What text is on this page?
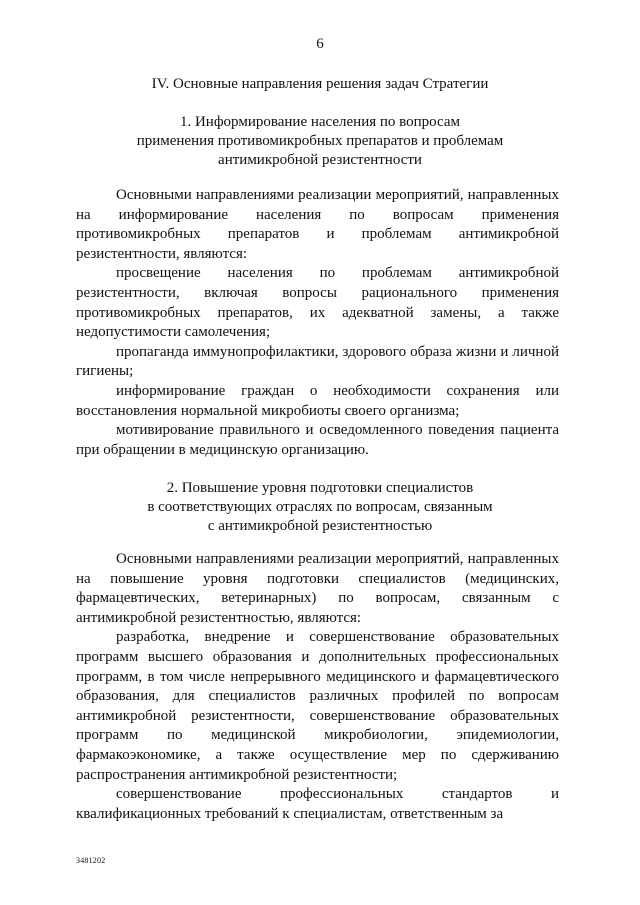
6
IV. Основные направления решения задач Стратегии
1. Информирование населения по вопросам
применения противомикробных препаратов и проблемам
антимикробной резистентности

Основными направлениями реализации мероприятий, направленных на информирование населения по вопросам применения противомикробных препаратов и проблемам антимикробной резистентности, являются:

просвещение населения по проблемам антимикробной резистентности, включая вопросы рационального применения противомикробных препаратов, их адекватной замены, а также недопустимости самолечения;

пропаганда иммунопрофилактики, здорового образа жизни и личной гигиены;

информирование граждан о необходимости сохранения или восстановления нормальной микробиоты своего организма;

мотивирование правильного и осведомленного поведения пациента при обращении в медицинскую организацию.

2. Повышение уровня подготовки специалистов
в соответствующих отраслях по вопросам, связанным
с антимикробной резистентностью

Основными направлениями реализации мероприятий, направленных на повышение уровня подготовки специалистов (медицинских, фармацевтических, ветеринарных) по вопросам, связанным с антимикробной резистентностью, являются:

разработка, внедрение и совершенствование образовательных программ высшего образования и дополнительных профессиональных программ, в том числе непрерывного медицинского и фармацевтического образования, для специалистов различных профилей по вопросам антимикробной резистентности, совершенствование образовательных программ по медицинской микробиологии, эпидемиологии, фармакоэкономике, а также осуществление мер по сдерживанию распространения антимикробной резистентности;

совершенствование профессиональных стандартов и квалификационных требований к специалистам, ответственным за

3481202
